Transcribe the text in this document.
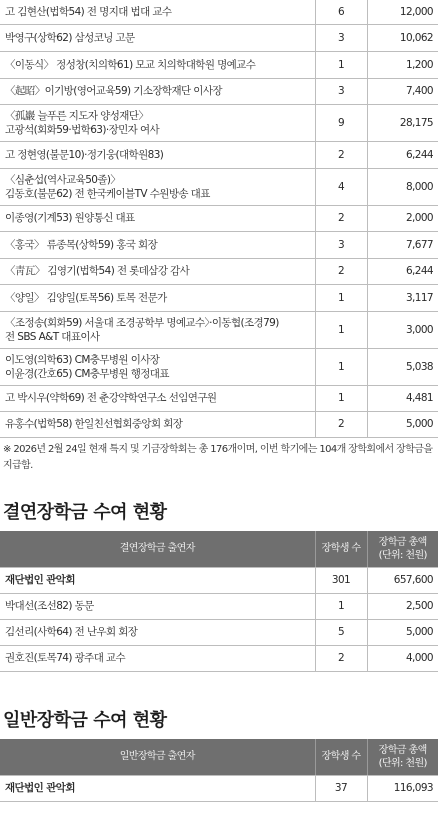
고 김현산(법학54) 전 명지대 법대 교수	6	12,000
박영구(상학62) 삼성코닝 고문	3	10,062
〈이동식〉 정성창(치의학61) 모교 치의학대학원 명예교수	1	1,200
〈起昭〉이기방(영어교육59) 기소장학재단 이사장	3	7,400
〈孤巖 늘푸른 지도자 양성재단〉
고광석(회화59·법학63)·장민자 여사	9	28,175
고 정현영(불문10)·정기웅(대학원83)	2	6,244
〈심춘섭(역사교육50졸)〉
김동호(불문62) 전 한국케이블TV 수원방송 대표	4	8,000
이종영(기계53) 원양통신 대표	2	2,000
〈홍국〉 류종목(상학59) 홍국 회장	3	7,677
〈靑瓦〉 김영기(법학54) 전 롯데삼강 감사	2	6,244
〈양일〉 김양일(토목56) 토목 전문가	1	3,117
〈조정송(회화59) 서울대 조경공학부 명예교수〉·이동협(조경79)
전 SBS A&T 대표이사	1	3,000
이도영(의학63) CM충무병원 이사장
이윤경(간호65) CM충무병원 행정대표	1	5,038
고 박시우(약학69) 전 춘강약학연구소 선임연구원	1	4,481
유홍수(법학58) 한일친선협회중앙회 회장	2	5,000

※ 2026년 2월 24일 현재 특지 및 기금장학회는 총 176개이며, 이번 학기에는 104개 장학회에서 장학금을 지급함.

결연장학금 수여 현황
결연장학금 출연자	장학생 수	장학금 총액
(단위: 천원)
재단법인 관악회	301	657,600
박대선(조선82) 동문	1	2,500
김선리(사학64) 전 난우회 회장	5	5,000
권호진(토목74) 광주대 교수	2	4,000
일반장학금 수여 현황
일반장학금 출연자	장학생 수	장학금 총액
(단위: 천원)
재단법인 관악회	37	116,093
